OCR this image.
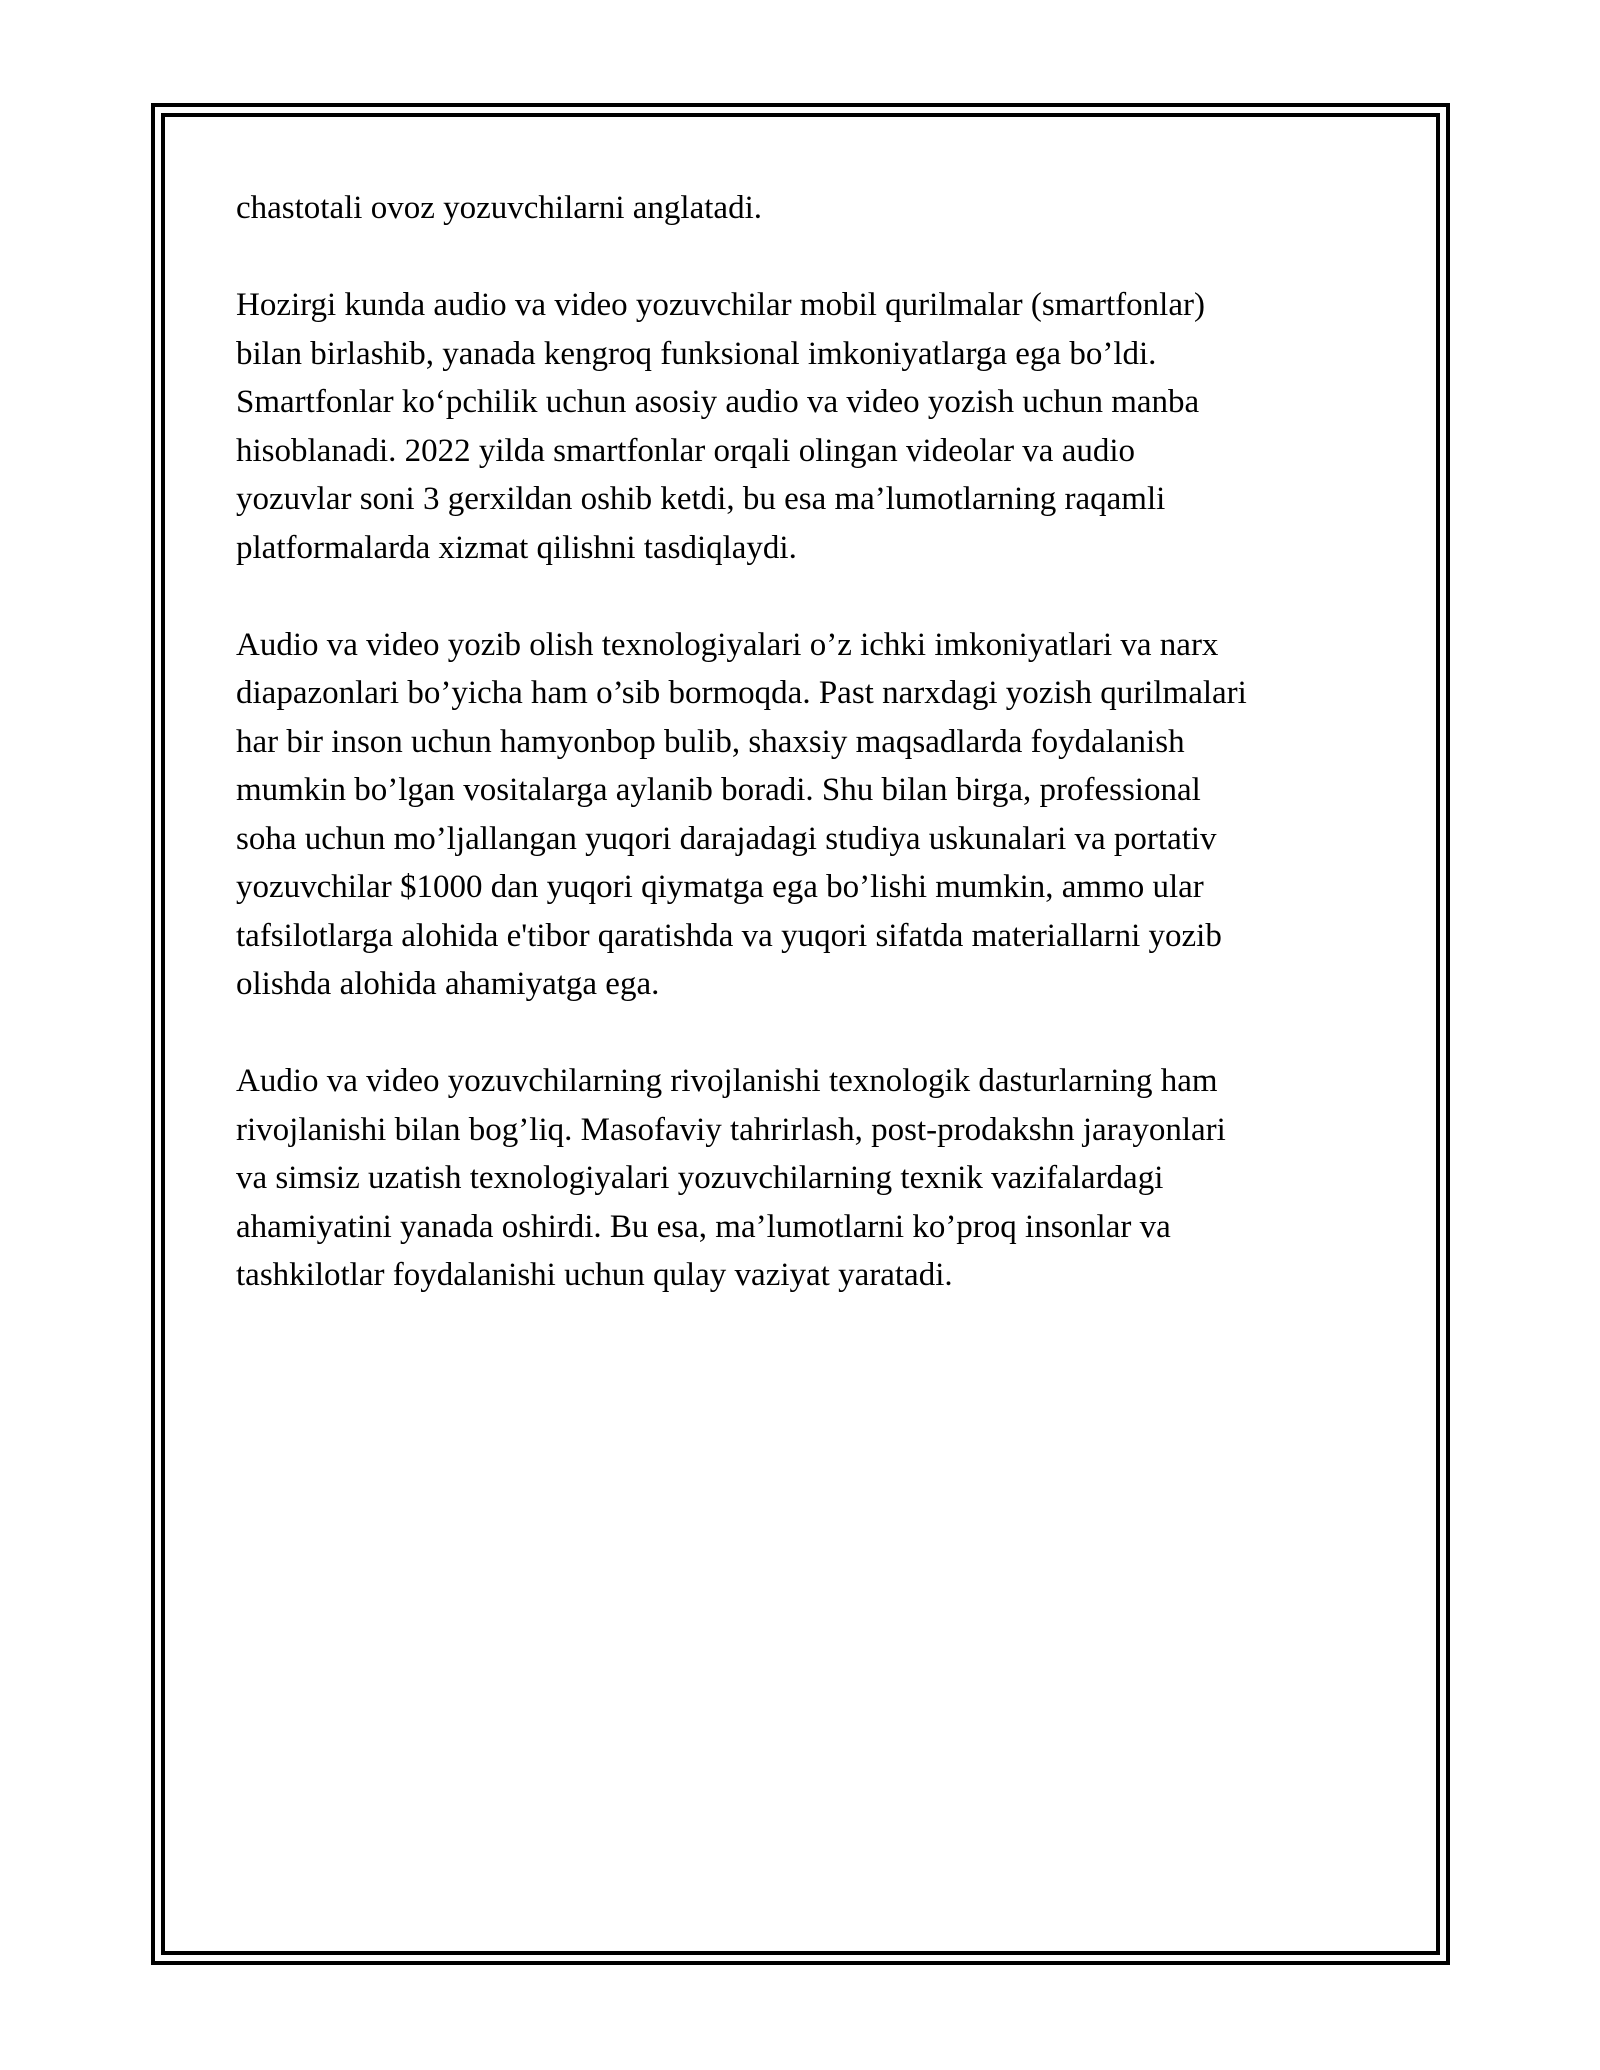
chastotali ovoz yozuvchilarni anglatadi.

Hozirgi kunda audio va video yozuvchilar mobil qurilmalar (smartfonlar)
bilan birlashib, yanada kengroq funksional imkoniyatlarga ega bo’ldi.
Smartfonlar ko‘pchilik uchun asosiy audio va video yozish uchun manba
hisoblanadi. 2022 yilda smartfonlar orqali olingan videolar va audio
yozuvlar soni 3 gerxildan oshib ketdi, bu esa ma’lumotlarning raqamli
platformalarda xizmat qilishni tasdiqlaydi.

Audio va video yozib olish texnologiyalari o’z ichki imkoniyatlari va narx
diapazonlari bo’yicha ham o’sib bormoqda. Past narxdagi yozish qurilmalari
har bir inson uchun hamyonbop bulib, shaxsiy maqsadlarda foydalanish
mumkin bo’lgan vositalarga aylanib boradi. Shu bilan birga, professional
soha uchun mo’ljallangan yuqori darajadagi studiya uskunalari va portativ
yozuvchilar $1000 dan yuqori qiymatga ega bo’lishi mumkin, ammo ular
tafsilotlarga alohida e'tibor qaratishda va yuqori sifatda materiallarni yozib
olishda alohida ahamiyatga ega.

Audio va video yozuvchilarning rivojlanishi texnologik dasturlarning ham
rivojlanishi bilan bog’liq. Masofaviy tahrirlash, post-prodakshn jarayonlari
va simsiz uzatish texnologiyalari yozuvchilarning texnik vazifalardagi
ahamiyatini yanada oshirdi. Bu esa, ma’lumotlarni ko’proq insonlar va
tashkilotlar foydalanishi uchun qulay vaziyat yaratadi.
